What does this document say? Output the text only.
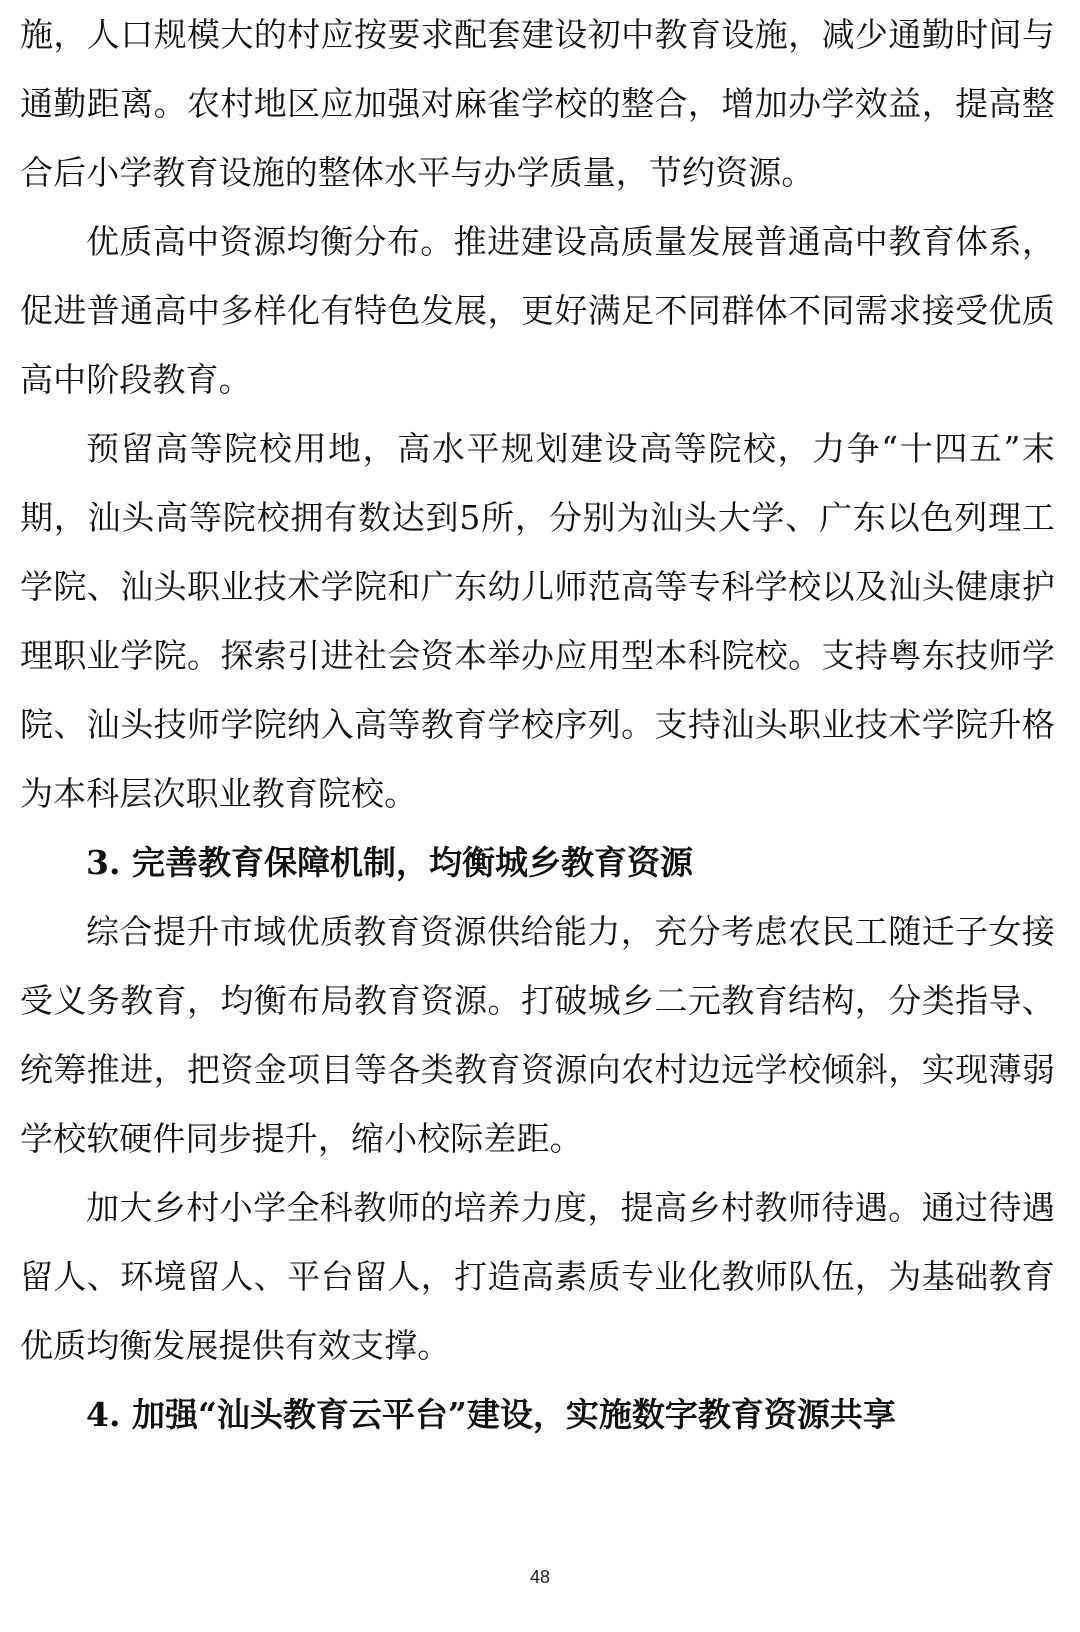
施，人口规模大的村应按要求配套建设初中教育设施，减少通勤时间与通勤距离。农村地区应加强对麻雀学校的整合，增加办学效益，提高整合后小学教育设施的整体水平与办学质量，节约资源。

优质高中资源均衡分布。推进建设高质量发展普通高中教育体系，促进普通高中多样化有特色发展，更好满足不同群体不同需求接受优质高中阶段教育。

预留高等院校用地，高水平规划建设高等院校，力争“十四五”末期，汕头高等院校拥有数达到5所，分别为汕头大学、广东以色列理工学院、汕头职业技术学院和广东幼儿师范高等专科学校以及汕头健康护理职业学院。探索引进社会资本举办应用型本科院校。支持粤东技师学院、汕头技师学院纳入高等教育学校序列。支持汕头职业技术学院升格为本科层次职业教育院校。

3. 完善教育保障机制，均衡城乡教育资源

综合提升市域优质教育资源供给能力，充分考虑农民工随迁子女接受义务教育，均衡布局教育资源。打破城乡二元教育结构，分类指导、统筹推进，把资金项目等各类教育资源向农村边远学校倾斜，实现薄弱学校软硬件同步提升，缩小校际差距。

加大乡村小学全科教师的培养力度，提高乡村教师待遇。通过待遇留人、环境留人、平台留人，打造高素质专业化教师队伍，为基础教育优质均衡发展提供有效支撑。

4. 加强“汕头教育云平台”建设，实施数字教育资源共享
48
